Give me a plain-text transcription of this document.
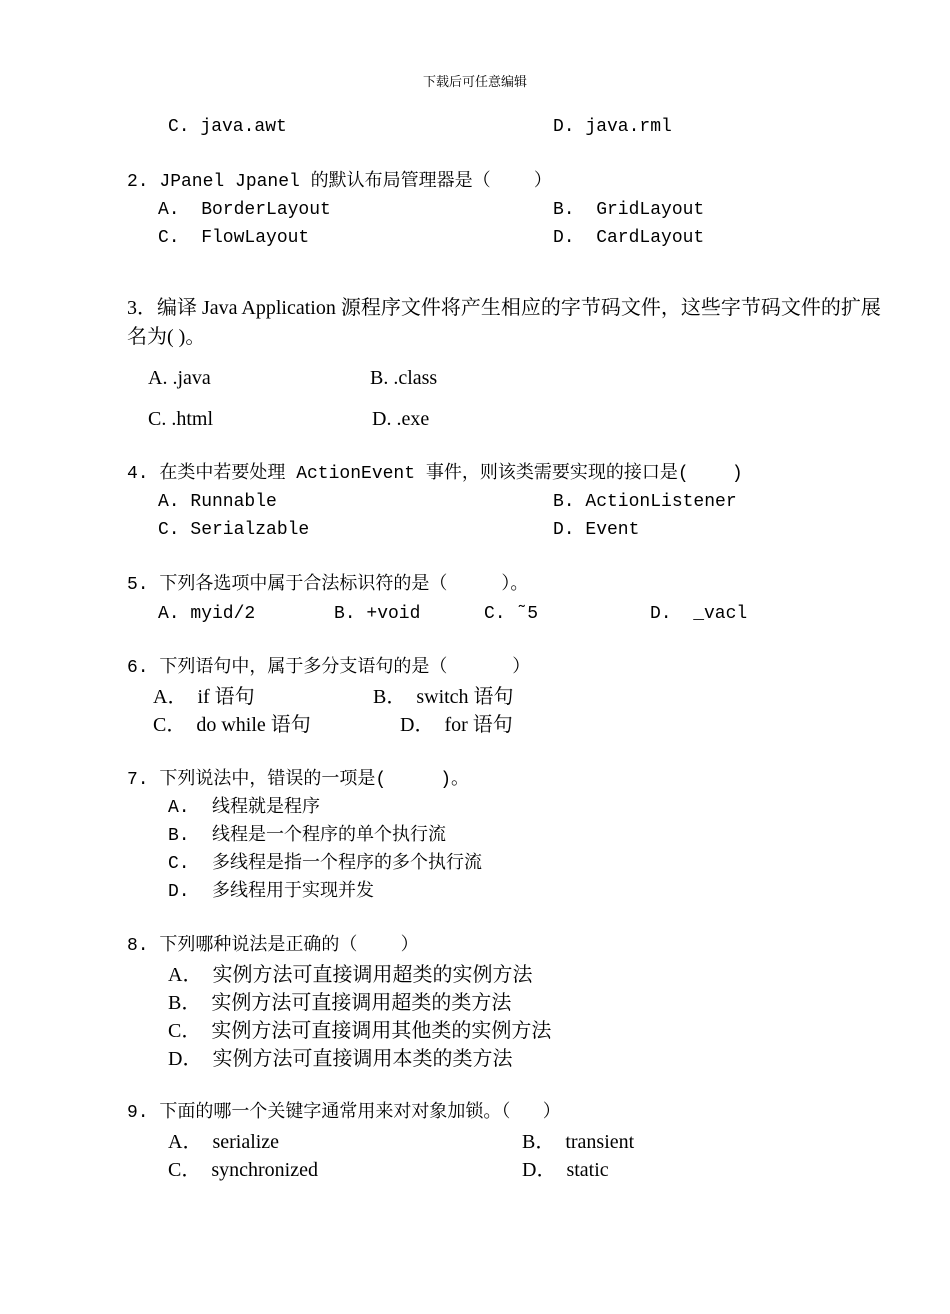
下载后可任意编辑
C. java.awt	D. java.rml
2. JPanel Jpanel 的默认布局管理器是（    ）
A.  BorderLayout	B.  GridLayout
C.  FlowLayout	D.  CardLayout
3．编译 Java Application 源程序文件将产生相应的字节码文件，这些字节码文件的扩展名为( )。
A. .java	B. .class
C. .html	D. .exe
4. 在类中若要处理 ActionEvent 事件，则该类需要实现的接口是(    )
A. Runnable	B. ActionListener
C. Serialzable	D. Event
5. 下列各选项中属于合法标识符的是（     ）。
A. myid/2	B. +void	C. ˜5	D.  _vacl
6. 下列语句中，属于多分支语句的是（      ）
A．  if 语句	B．  switch 语句
C．  do while 语句	D．  for 语句
7. 下列说法中，错误的一项是(     )。
A. 线程就是程序
B. 线程是一个程序的单个执行流
C. 多线程是指一个程序的多个执行流
D. 多线程用于实现并发
8. 下列哪种说法是正确的（    ）
A．  实例方法可直接调用超类的实例方法
B．  实例方法可直接调用超类的类方法
C．  实例方法可直接调用其他类的实例方法
D．  实例方法可直接调用本类的类方法
9. 下面的哪一个关键字通常用来对对象加锁。（   ）
A．  serialize	B．  transient
C．  synchronized	D．  static
